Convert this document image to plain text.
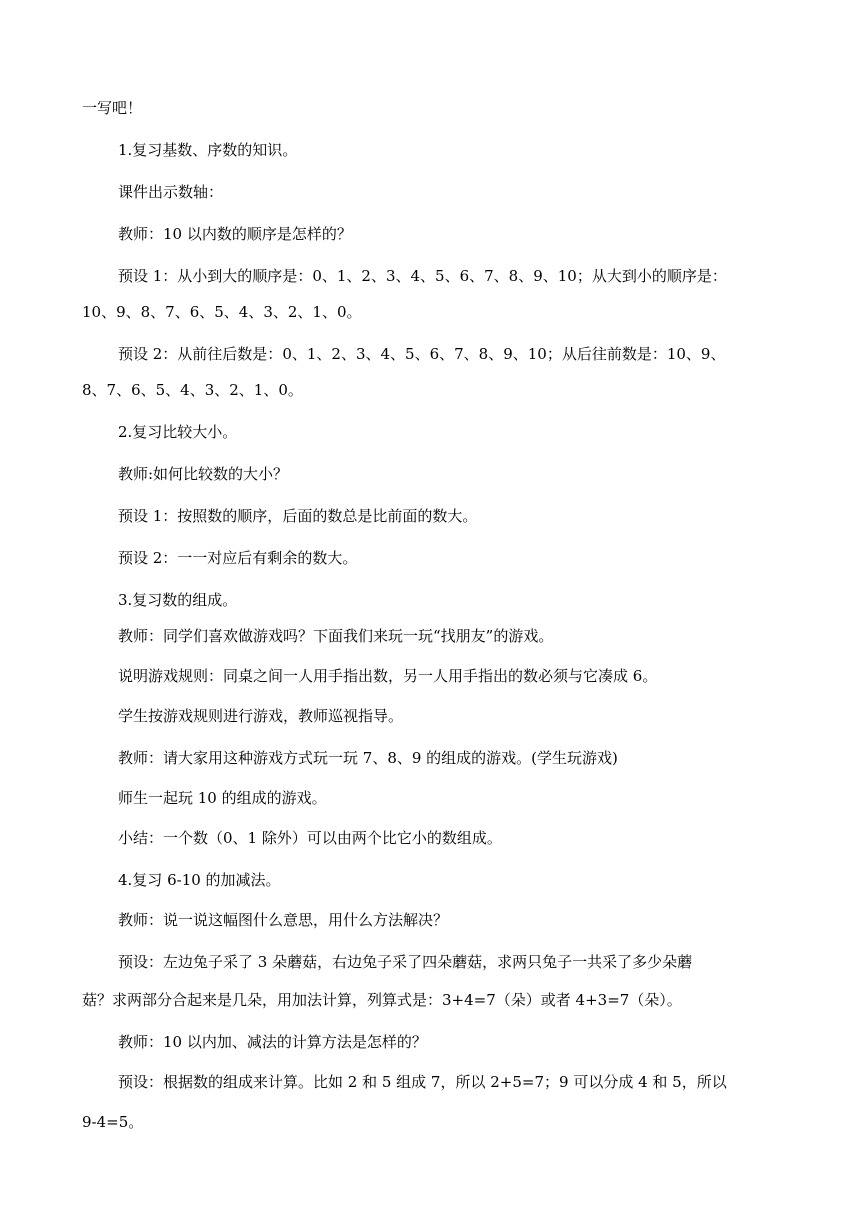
一写吧！
1.复习基数、序数的知识。
课件出示数轴：
教师：10 以内数的顺序是怎样的？
预设 1：从小到大的顺序是：0、1、2、3、4、5、6、7、8、9、10；从大到小的顺序是：
10、9、8、7、6、5、4、3、2、1、0。
预设 2：从前往后数是：0、1、2、3、4、5、6、7、8、9、10；从后往前数是：10、9、
8、7、6、5、4、3、2、1、0。
2.复习比较大小。
教师:如何比较数的大小？
预设 1：按照数的顺序，后面的数总是比前面的数大。
预设 2：一一对应后有剩余的数大。
3.复习数的组成。
教师：同学们喜欢做游戏吗？下面我们来玩一玩“找朋友”的游戏。
说明游戏规则：同桌之间一人用手指出数，另一人用手指出的数必须与它凑成 6。
学生按游戏规则进行游戏，教师巡视指导。
教师：请大家用这种游戏方式玩一玩 7、8、9 的组成的游戏。(学生玩游戏)
师生一起玩 10 的组成的游戏。
小结：一个数（0、1 除外）可以由两个比它小的数组成。
4.复习 6-10 的加减法。
教师：说一说这幅图什么意思，用什么方法解决？
预设：左边兔子采了 3 朵蘑菇，右边兔子采了四朵蘑菇，求两只兔子一共采了多少朵蘑
菇？求两部分合起来是几朵，用加法计算，列算式是：3+4=7（朵）或者 4+3=7（朵）。
教师：10 以内加、减法的计算方法是怎样的？
预设：根据数的组成来计算。比如 2 和 5 组成 7，所以 2+5=7；9 可以分成 4 和 5，所以
9-4=5。
